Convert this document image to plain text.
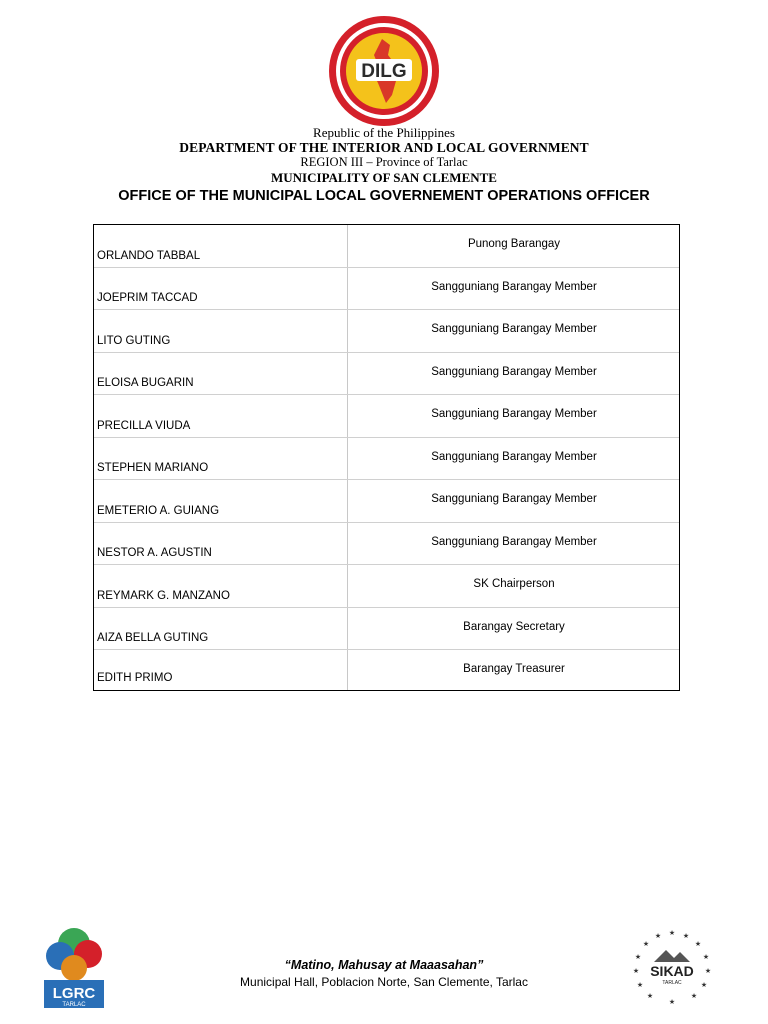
DILG
Republic of the Philippines
DEPARTMENT OF THE INTERIOR AND LOCAL GOVERNMENT
REGION III – Province of Tarlac
MUNICIPALITY OF SAN CLEMENTE
OFFICE OF THE MUNICIPAL LOCAL GOVERNEMENT OPERATIONS OFFICER
ORLANDO TABBAL
Punong Barangay
JOEPRIM TACCAD
Sangguniang Barangay Member
LITO GUTING
Sangguniang Barangay Member
ELOISA BUGARIN
Sangguniang Barangay Member
PRECILLA VIUDA
Sangguniang Barangay Member
STEPHEN MARIANO
Sangguniang Barangay Member
EMETERIO A. GUIANG
Sangguniang Barangay Member
NESTOR A. AGUSTIN
Sangguniang Barangay Member
REYMARK G. MANZANO
SK Chairperson
AIZA BELLA GUTING
Barangay Secretary
EDITH PRIMO
Barangay Treasurer
LGRC
TARLAC
“Matino, Mahusay at Maaasahan”
Municipal Hall, Poblacion Norte, San Clemente, Tarlac
★ ★
★
★
★
★
★
★
★
★
★
★
★
★
SIKAD
TARLAC
